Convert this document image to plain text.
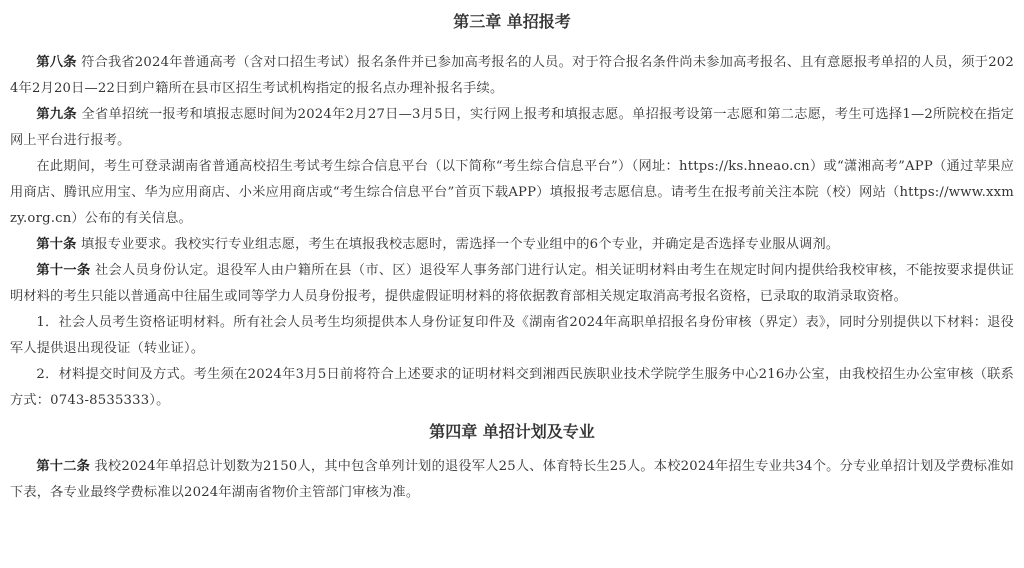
第三章 单招报考

第八条 符合我省2024年普通高考（含对口招生考试）报名条件并已参加高考报名的人员。对于符合报名条件尚未参加高考报名、且有意愿报考单招的人员，须于2024年2月20日—22日到户籍所在县市区招生考试机构指定的报名点办理补报名手续。

第九条 全省单招统一报考和填报志愿时间为2024年2月27日—3月5日，实行网上报考和填报志愿。单招报考设第一志愿和第二志愿，考生可选择1—2所院校在指定网上平台进行报考。

在此期间，考生可登录湖南省普通高校招生考试考生综合信息平台（以下简称“考生综合信息平台”）（网址：https://ks.hneao.cn）或“潇湘高考”APP（通过苹果应用商店、腾讯应用宝、华为应用商店、小米应用商店或“考生综合信息平台”首页下载APP）填报报考志愿信息。请考生在报考前关注本院（校）网站（https://www.xxmzy.org.cn）公布的有关信息。

第十条 填报专业要求。我校实行专业组志愿，考生在填报我校志愿时，需选择一个专业组中的6个专业，并确定是否选择专业服从调剂。

第十一条 社会人员身份认定。退役军人由户籍所在县（市、区）退役军人事务部门进行认定。相关证明材料由考生在规定时间内提供给我校审核，不能按要求提供证明材料的考生只能以普通高中往届生或同等学力人员身份报考，提供虚假证明材料的将依据教育部相关规定取消高考报名资格，已录取的取消录取资格。

1．社会人员考生资格证明材料。所有社会人员考生均须提供本人身份证复印件及《湖南省2024年高职单招报名身份审核（界定）表》，同时分别提供以下材料：退役军人提供退出现役证（转业证）。

2．材料提交时间及方式。考生须在2024年3月5日前将符合上述要求的证明材料交到湘西民族职业技术学院学生服务中心216办公室，由我校招生办公室审核（联系方式：0743-8535333）。

第四章 单招计划及专业

第十二条 我校2024年单招总计划数为2150人，其中包含单列计划的退役军人25人、体育特长生25人。本校2024年招生专业共34个。分专业单招计划及学费标准如下表，各专业最终学费标准以2024年湖南省物价主管部门审核为准。
